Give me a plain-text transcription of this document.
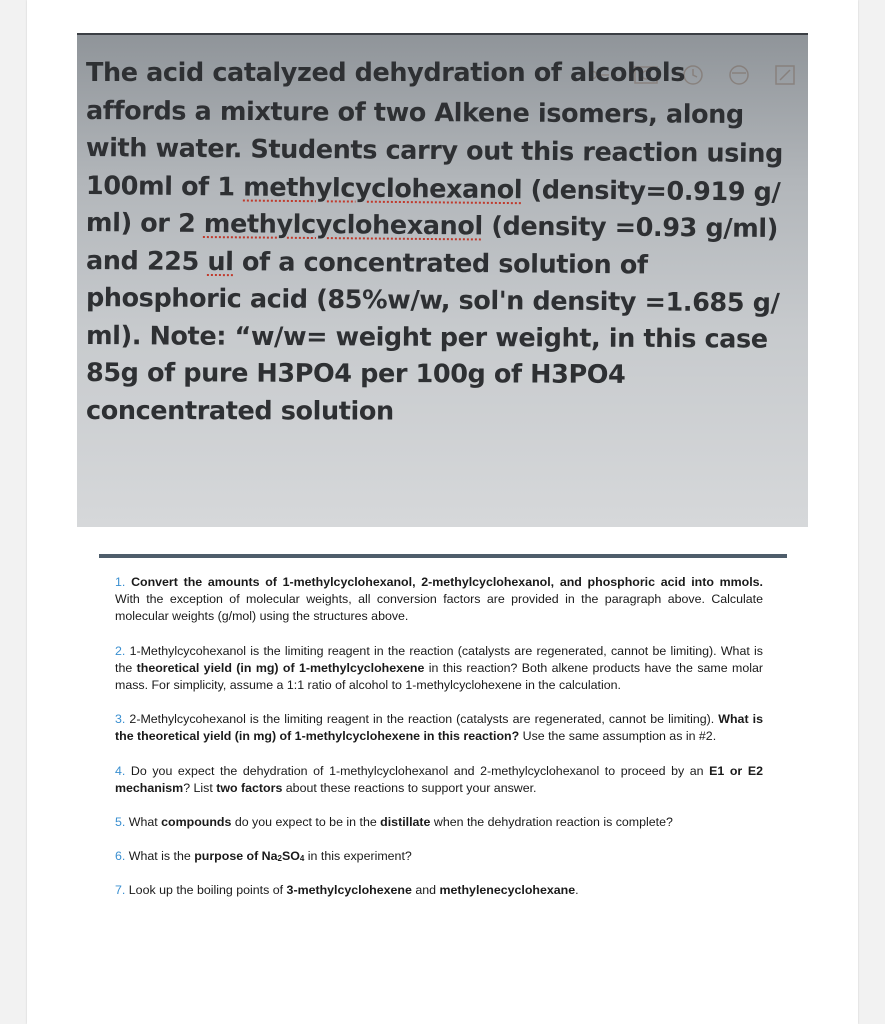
The acid catalyzed dehydration of alcohols
affords a mixture of two Alkene isomers, along
with water. Students carry out this reaction using
100ml of 1 methylcyclohexanol (density=0.919 g/
ml) or 2 methylcyclohexanol (density =0.93 g/ml)
and 225 ul of a concentrated solution of
phosphoric acid (85%w/w, sol'n density =1.685 g/
ml). Note: “w/w= weight per weight, in this case
85g of pure H3PO4 per 100g of H3PO4
concentrated solution

1. Convert the amounts of 1-methylcyclohexanol, 2-methylcyclohexanol, and phosphoric acid into mmols. With the exception of molecular weights, all conversion factors are provided in the paragraph above. Calculate molecular weights (g/mol) using the structures above.

2. 1-Methylcycohexanol is the limiting reagent in the reaction (catalysts are regenerated, cannot be limiting). What is the theoretical yield (in mg) of 1-methylcyclohexene in this reaction? Both alkene products have the same molar mass. For simplicity, assume a 1:1 ratio of alcohol to 1-methylcyclohexene in the calculation.

3. 2-Methylcycohexanol is the limiting reagent in the reaction (catalysts are regenerated, cannot be limiting). What is the theoretical yield (in mg) of 1-methylcyclohexene in this reaction? Use the same assumption as in #2.

4. Do you expect the dehydration of 1-methylcyclohexanol and 2-methylcyclohexanol to proceed by an E1 or E2 mechanism? List two factors about these reactions to support your answer.

5. What compounds do you expect to be in the distillate when the dehydration reaction is complete?

6. What is the purpose of $Na_2SO_4$ in this experiment?

7. Look up the boiling points of 3-methylcyclohexene and methylenecyclohexane.
